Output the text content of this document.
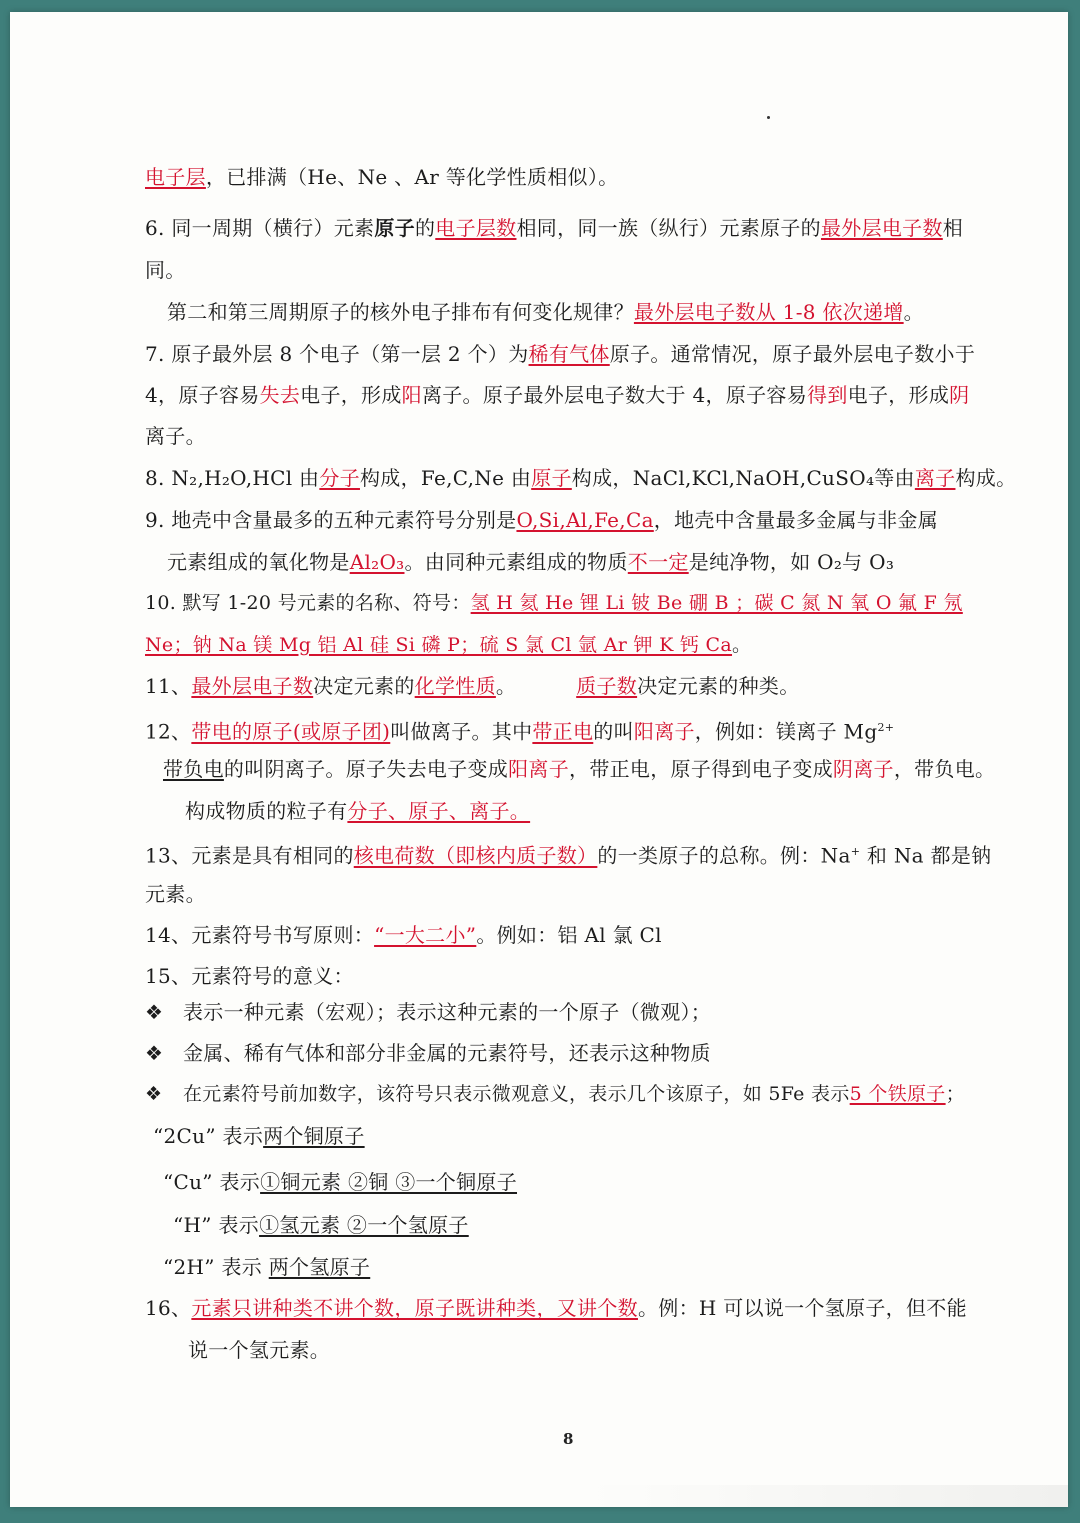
电子层，已排满（He、Ne 、Ar 等化学性质相似）。
6. 同一周期（横行）元素原子的电子层数相同，同一族（纵行）元素原子的最外层电子数相
同。
第二和第三周期原子的核外电子排布有何变化规律？最外层电子数从 1-8 依次递增。
7. 原子最外层 8 个电子（第一层 2 个）为稀有气体原子。通常情况，原子最外层电子数小于
4，原子容易失去电子，形成阳离子。原子最外层电子数大于 4，原子容易得到电子，形成阴
离子。
8. N₂,H₂O,HCl 由分子构成，Fe,C,Ne 由原子构成，NaCl,KCl,NaOH,CuSO₄等由离子构成。
9. 地壳中含量最多的五种元素符号分别是O,Si,Al,Fe,Ca，地壳中含量最多金属与非金属
元素组成的氧化物是Al₂O₃。由同种元素组成的物质不一定是纯净物，如 O₂与 O₃
10. 默写 1-20 号元素的名称、符号：氢 H 氦 He 锂 Li 铍 Be 硼 B ；碳 C 氮 N 氧 O 氟 F 氖
Ne；钠 Na 镁 Mg 铝 Al 硅 Si 磷 P；硫 S 氯 Cl 氩 Ar 钾 K 钙 Ca。
11、最外层电子数决定元素的化学性质。	质子数决定元素的种类。
12、带电的原子(或原子团)叫做离子。其中带正电的叫阳离子，例如：镁离子 $Mg^{2+}$
带负电的叫阴离子。原子失去电子变成阳离子，带正电，原子得到电子变成阴离子，带负电。
构成物质的粒子有分子、原子、离子。
13、元素是具有相同的核电荷数（即核内质子数）的一类原子的总称。例：Na+ 和 Na 都是钠
元素。
14、元素符号书写原则：“一大二小”。例如：铝 Al 氯 Cl
15、元素符号的意义：
❖ 表示一种元素（宏观）；表示这种元素的一个原子（微观）；
❖ 金属、稀有气体和部分非金属的元素符号，还表示这种物质
❖ 在元素符号前加数字，该符号只表示微观意义，表示几个该原子，如 5Fe 表示5 个铁原子；
“2Cu” 表示两个铜原子
“Cu” 表示①铜元素 ②铜 ③一个铜原子
“H” 表示①氢元素 ②一个氢原子
“2H” 表示 两个氢原子
16、元素只讲种类不讲个数，原子既讲种类，又讲个数。例：H 可以说一个氢原子，但不能
说一个氢元素。
8
